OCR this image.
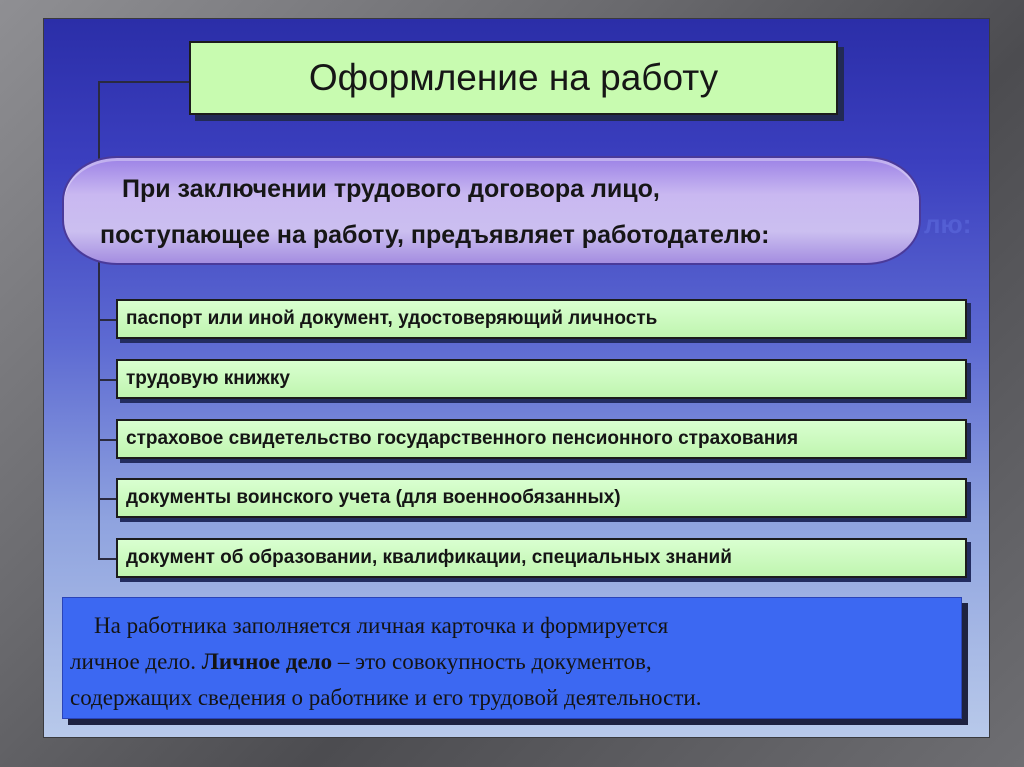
Оформление на работу
При заключении трудового договора лицо,
поступающее на работу, предъявляет работодателю:	лю:
паспорт или иной документ, удостоверяющий личность
трудовую книжку
страховое свидетельство государственного пенсионного страхования
документы воинского учета (для военнообязанных)
документ об образовании, квалификации, специальных знаний
На работника заполняется личная карточка и формируется
личное дело. Личное дело – это совокупность документов,
содержащих сведения о работнике и его трудовой деятельности.
